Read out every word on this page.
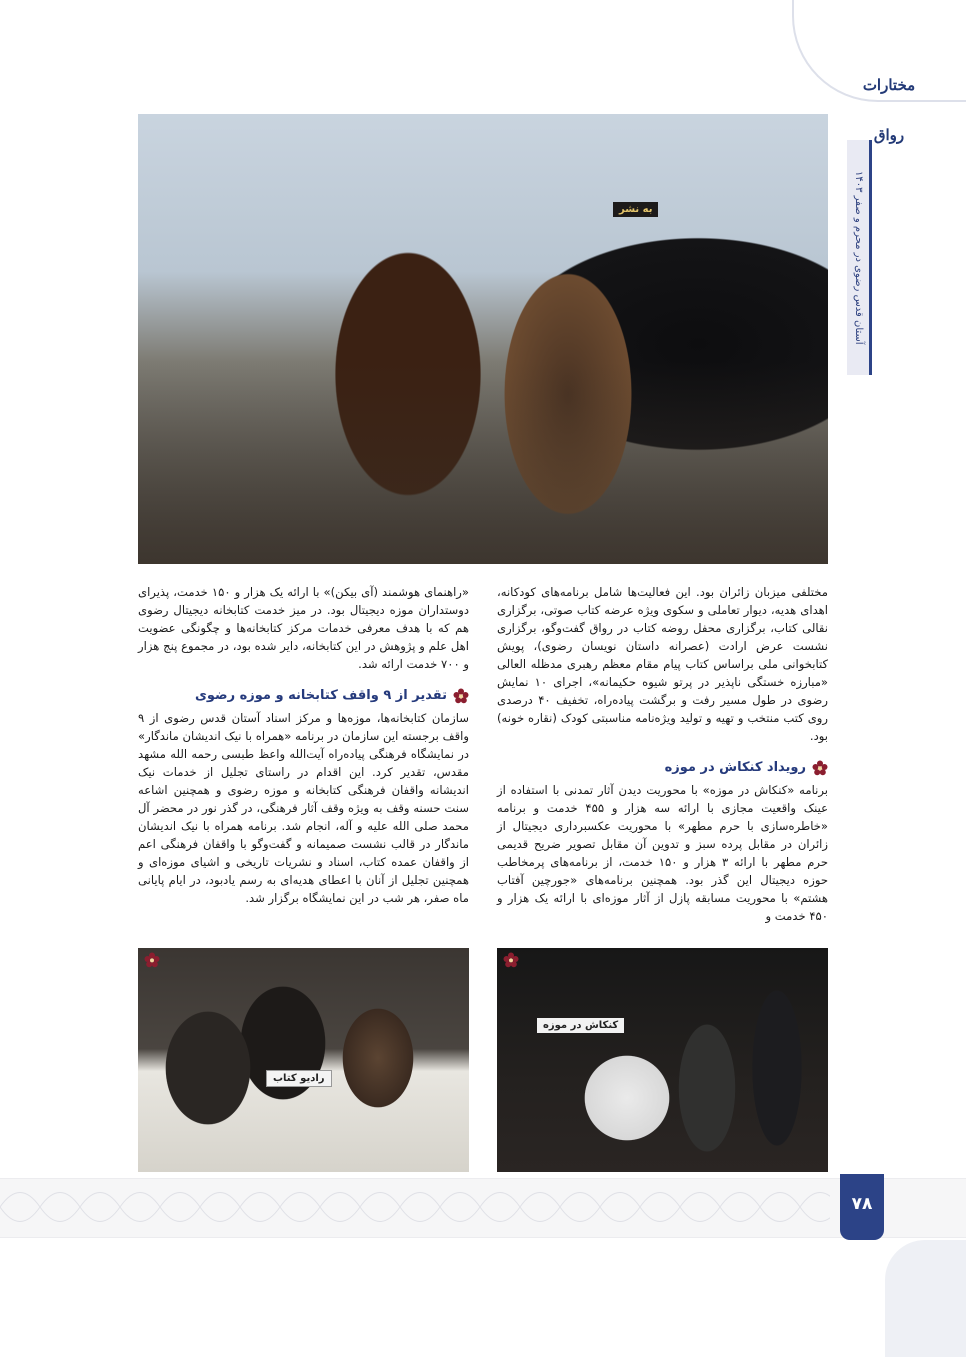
مختارات رواق
آستان قدس رضوی در محرم و صفر ۱۴۰۳
به نشر

مختلفی میزبان زائران بود. این فعالیت‌ها شامل برنامه‌های کودکانه، اهدای هدیه، دیوار تعاملی و سکوی ویژه عرضه کتاب صوتی، برگزاری نقالی کتاب، برگزاری محفل روضه کتاب در رواق گفت‌وگو، برگزاری نشست عرض ارادت (عصرانه داستان نویسان رضوی)، پویش کتابخوانی ملی براساس کتاب پیام مقام معظم رهبری مدظله العالی «مبارزه خستگی ناپذیر در پرتو شیوه حکیمانه»، اجرای ۱۰ نمایش رضوی در طول مسیر رفت و برگشت پیاده‌راه، تخفیف ۴۰ درصدی روی کتب منتخب و تهیه و تولید ویژه‌نامه مناسبتی کودک (نقاره خونه) بود.

رویداد کنکاش در موزه

برنامه «کنکاش در موزه» با محوریت دیدن آثار تمدنی با استفاده از عینک واقعیت مجازی با ارائه سه هزار و ۴۵۵ خدمت و برنامه «خاطره‌سازی با حرم مطهر» با محوریت عکسبرداری دیجیتال از زائران در مقابل پرده سبز و تدوین آن مقابل تصویر ضریح قدیمی حرم مطهر با ارائه ۳ هزار و ۱۵۰ خدمت، از برنامه‌های پرمخاطب حوزه دیجیتال این گذر بود. همچنین برنامه‌های «جورچین آفتاب هشتم» با محوریت مسابقه پازل از آثار موزه‌ای با ارائه یک هزار و ۴۵۰ خدمت و

«راهنمای هوشمند (آی بیکن)» با ارائه یک هزار و ۱۵۰ خدمت، پذیرای دوستداران موزه دیجیتال بود. در میز خدمت کتابخانه دیجیتال رضوی هم که با هدف معرفی خدمات مرکز کتابخانه‌ها و چگونگی عضویت اهل علم و پژوهش در این کتابخانه، دایر شده بود، در مجموع پنج هزار و ۷۰۰ خدمت ارائه شد.

تقدیر از ۹ واقف کتابخانه و موزه رضوی

سازمان کتابخانه‌ها، موزه‌ها و مرکز اسناد آستان قدس رضوی از ۹ واقف برجسته این سازمان در برنامه «همراه با نیک اندیشان ماندگار» در نمایشگاه فرهنگی پیاده‌راه آیت‌الله واعظ طبسی رحمه الله مشهد مقدس، تقدیر کرد. این اقدام در راستای تجلیل از خدمات نیک اندیشانه واقفان فرهنگی کتابخانه و موزه رضوی و همچنین اشاعه سنت حسنه وقف به ویژه وقف آثار فرهنگی، در گذر نور در محضر آل محمد صلی الله علیه و آله، انجام شد. برنامه همراه با نیک اندیشان ماندگار در قالب نشست صمیمانه و گفت‌وگو با واقفان فرهنگی اعم از واقفان عمده کتاب، اسناد و نشریات تاریخی و اشیای موزه‌ای و همچنین تجلیل از آنان با اعطای هدیه‌ای به رسم یادبود، در ایام پایانی ماه صفر، هر شب در این نمایشگاه برگزار شد.

رادیو کتاب
کنکاش در موزه
۷۸
